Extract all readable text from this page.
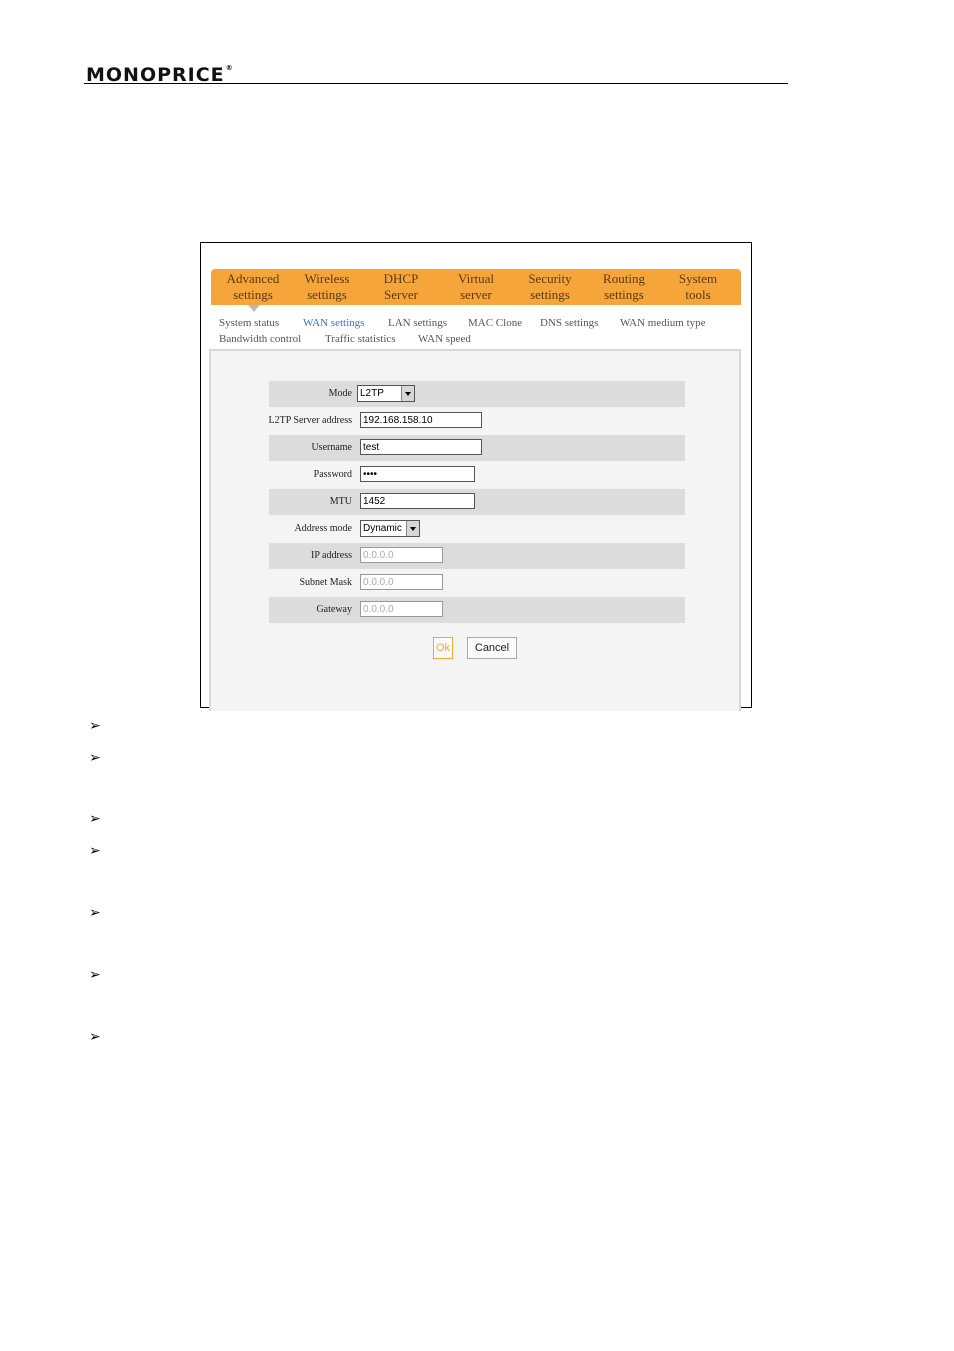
MONOPRICE®
Advanced
settings
Wireless
settings
DHCP
Server
Virtual
server
Security
settings
Routing
settings
System
tools
System status WAN settings LAN settings MAC Clone DNS settings WAN medium type
Bandwidth control Traffic statistics WAN speed
Mode L2TP
L2TP Server address	192.168.158.10
Username	test
Password	••••
MTU	1452
Address mode	Dynamic
IP address	0.0.0.0
Subnet Mask	0.0.0.0
Gateway	0.0.0.0
Ok	Cancel
➢
➢
➢
➢
➢
➢
➢
